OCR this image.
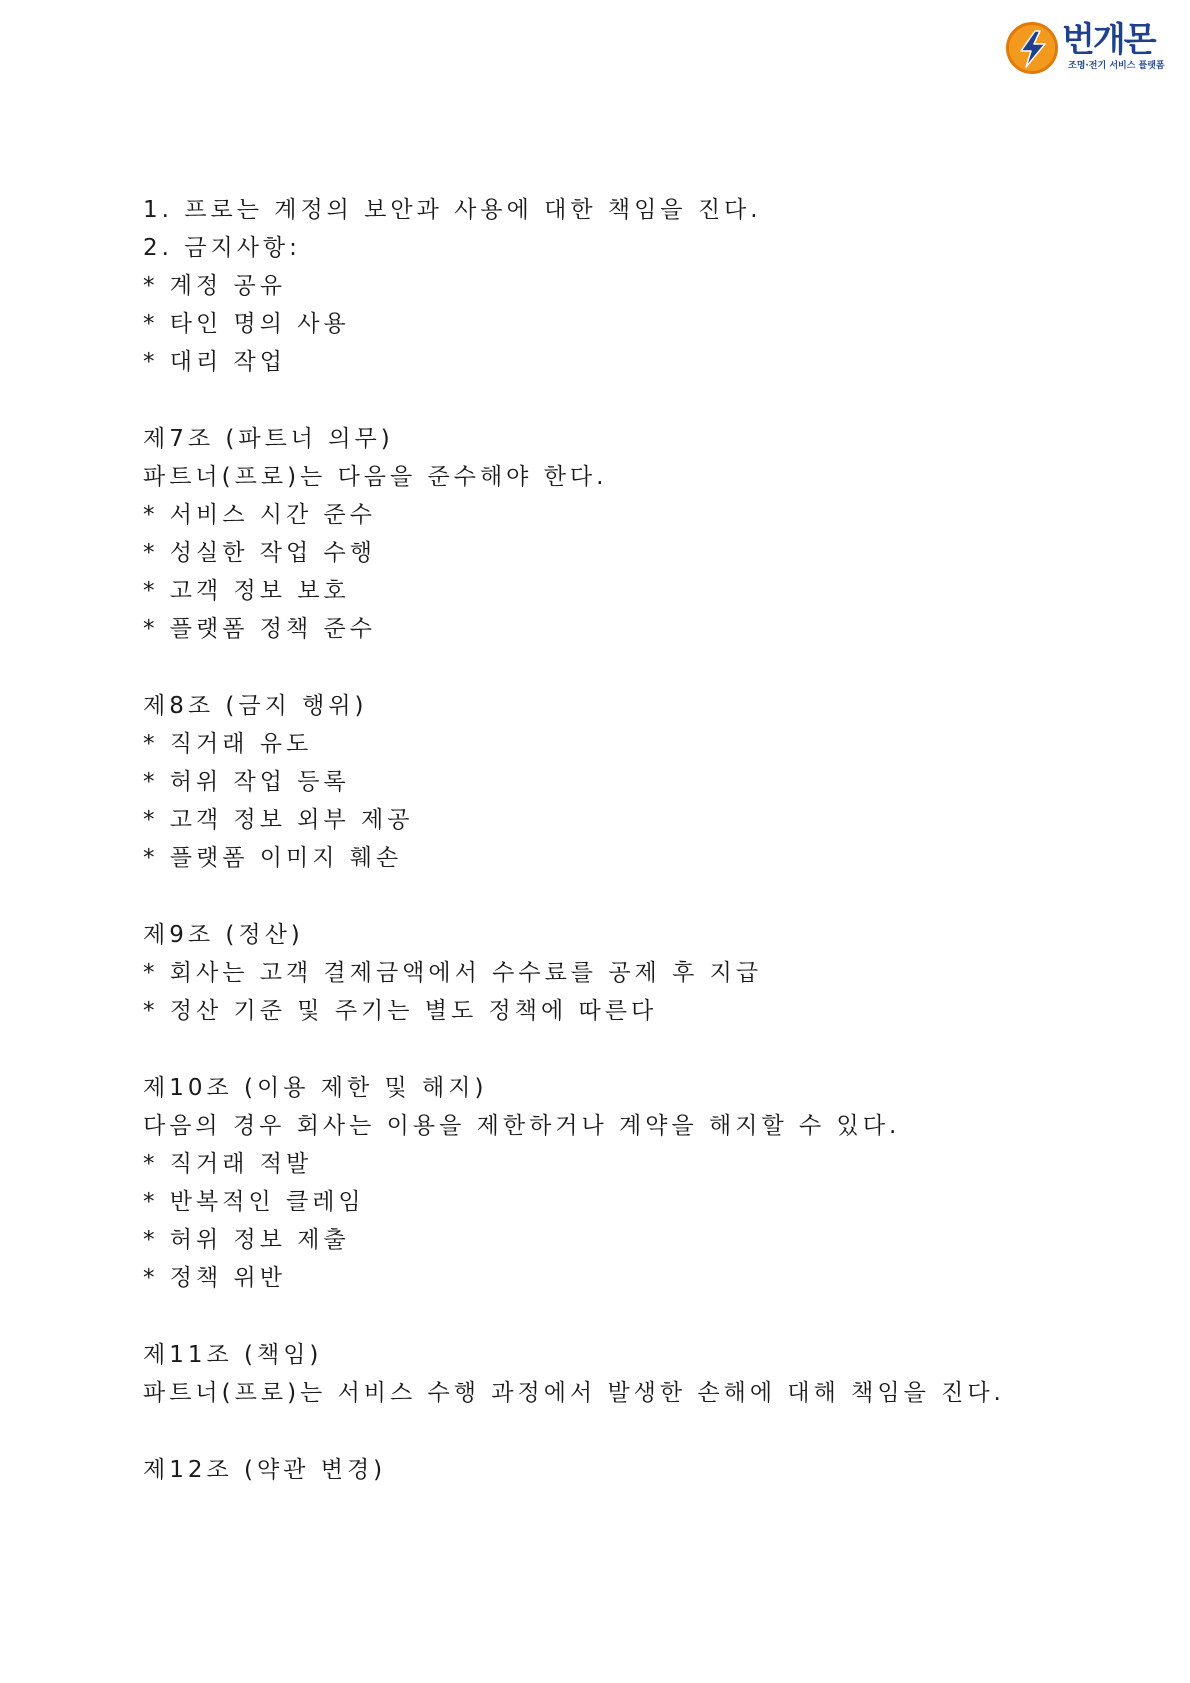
번개몬
조명·전기 서비스 플랫폼
1. 프로는 계정의 보안과 사용에 대한 책임을 진다.
2. 금지사항:
* 계정 공유
* 타인 명의 사용
* 대리 작업
제7조 (파트너 의무)
파트너(프로)는 다음을 준수해야 한다.
* 서비스 시간 준수
* 성실한 작업 수행
* 고객 정보 보호
* 플랫폼 정책 준수
제8조 (금지 행위)
* 직거래 유도
* 허위 작업 등록
* 고객 정보 외부 제공
* 플랫폼 이미지 훼손
제9조 (정산)
* 회사는 고객 결제금액에서 수수료를 공제 후 지급
* 정산 기준 및 주기는 별도 정책에 따른다
제10조 (이용 제한 및 해지)
다음의 경우 회사는 이용을 제한하거나 계약을 해지할 수 있다.
* 직거래 적발
* 반복적인 클레임
* 허위 정보 제출
* 정책 위반
제11조 (책임)
파트너(프로)는 서비스 수행 과정에서 발생한 손해에 대해 책임을 진다.
제12조 (약관 변경)
